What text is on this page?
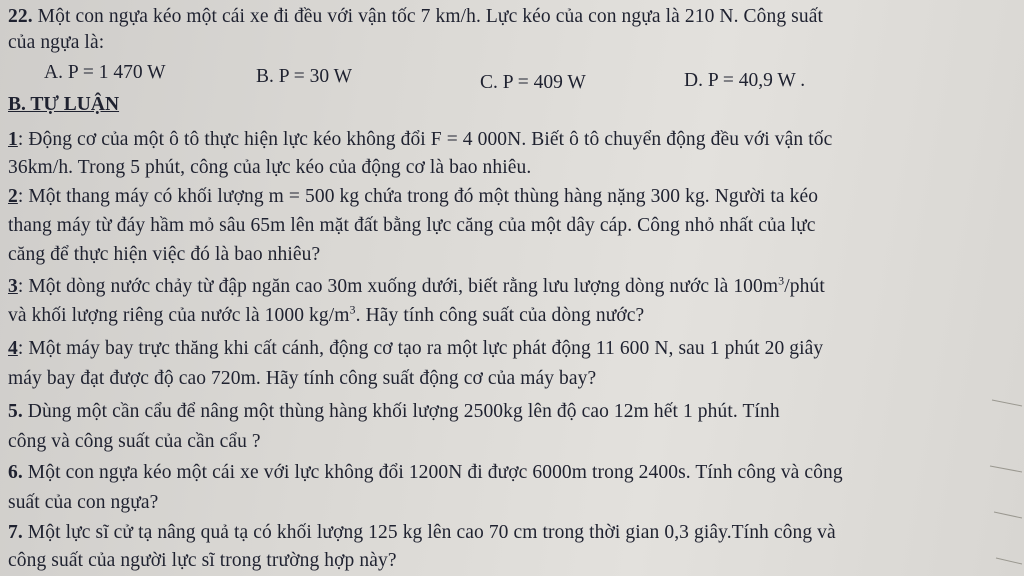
22. Một con ngựa kéo một cái xe đi đều với vận tốc 7 km/h. Lực kéo của con ngựa là 210 N. Công suất
của ngựa là:
A. P = 1 470 W	B. P = 30 W	C. P = 409 W	D. P = 40,9 W .
B. TỰ LUẬN
1: Động cơ của một ô tô thực hiện lực kéo không đổi F = 4 000N. Biết ô tô chuyển động đều với vận tốc
36km/h. Trong 5 phút, công của lực kéo của động cơ là bao nhiêu.
2: Một thang máy có khối lượng m = 500 kg chứa trong đó một thùng hàng nặng 300 kg. Người ta kéo
thang máy từ đáy hầm mỏ sâu 65m lên mặt đất bằng lực căng của một dây cáp. Công nhỏ nhất của lực
căng để thực hiện việc đó là bao nhiêu?
3: Một dòng nước chảy từ đập ngăn cao 30m xuống dưới, biết rằng lưu lượng dòng nước là $100m^3$/phút
và khối lượng riêng của nước là 1000 $kg/m^3$. Hãy tính công suất của dòng nước?
4: Một máy bay trực thăng khi cất cánh, động cơ tạo ra một lực phát động 11 600 N, sau 1 phút 20 giây
máy bay đạt được độ cao 720m. Hãy tính công suất động cơ của máy bay?
5. Dùng một cần cẩu để nâng một thùng hàng khối lượng 2500kg lên độ cao 12m hết 1 phút. Tính
công và công suất của cần cẩu ?
6. Một con ngựa kéo một cái xe với lực không đổi 1200N đi được 6000m trong 2400s. Tính công và công
suất của con ngựa?
7. Một lực sĩ cử tạ nâng quả tạ có khối lượng 125 kg lên cao 70 cm trong thời gian 0,3 giây.Tính công và
công suất của người lực sĩ trong trường hợp này?
